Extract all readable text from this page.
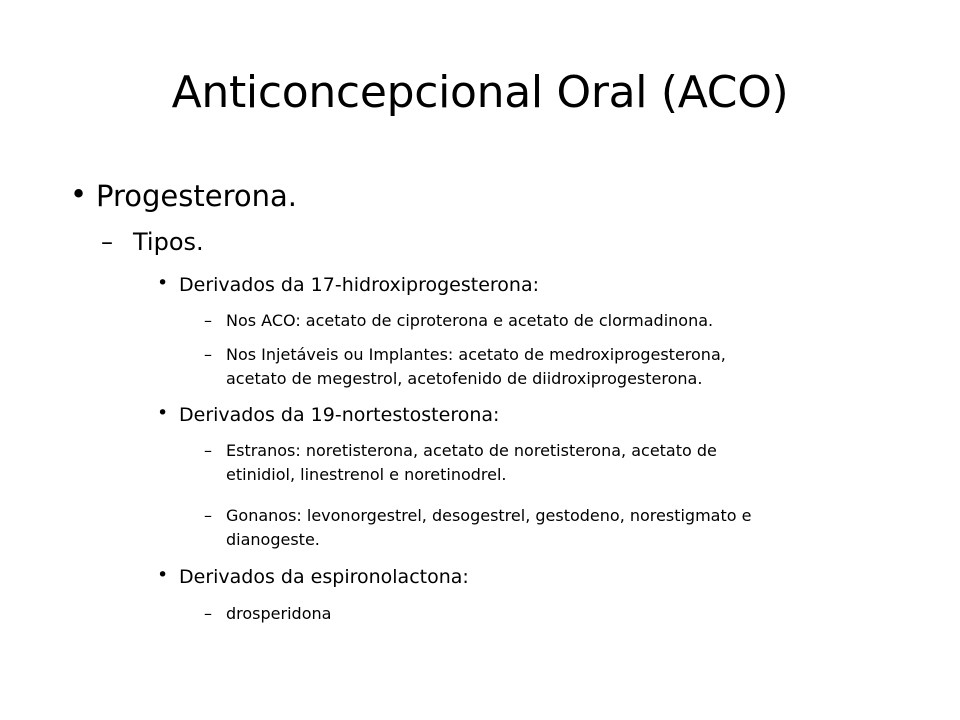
Anticoncepcional Oral (ACO)
• Progesterona.
– Tipos.
• Derivados da 17-hidroxiprogesterona:
– Nos ACO: acetato de ciproterona e acetato de clormadinona.
– Nos Injetáveis ou Implantes: acetato de medroxiprogesterona,
acetato de megestrol, acetofenido de diidroxiprogesterona.
• Derivados da 19-nortestosterona:
– Estranos: noretisterona, acetato de noretisterona, acetato de
etinidiol, linestrenol e noretinodrel.
– Gonanos: levonorgestrel, desogestrel, gestodeno, norestigmato e
dianogeste.
• Derivados da espironolactona:
– drosperidona
